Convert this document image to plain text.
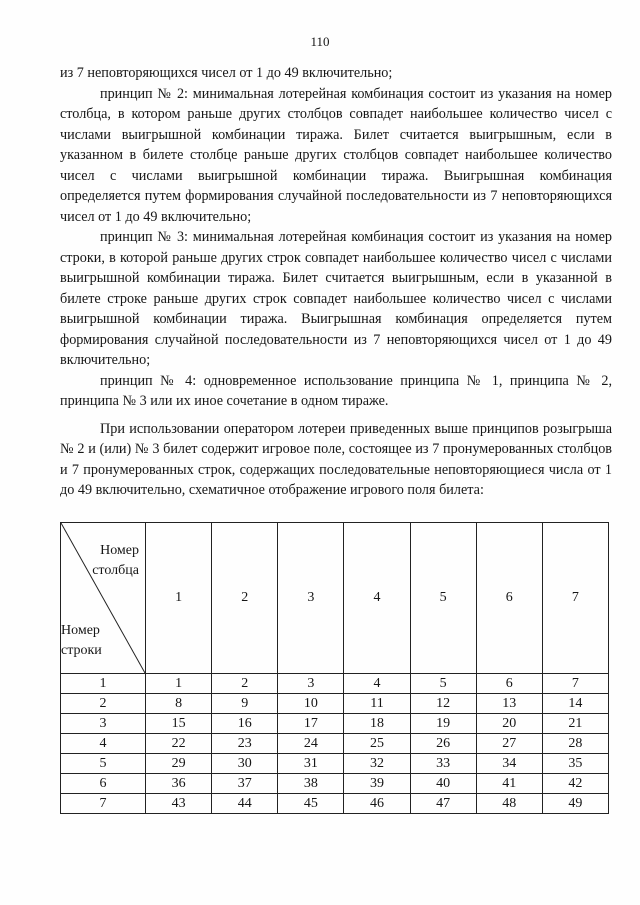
110

из 7 неповторяющихся чисел от 1 до 49 включительно;

принцип № 2: минимальная лотерейная комбинация состоит из указания на номер столбца, в котором раньше других столбцов совпадет наибольшее количество чисел с числами выигрышной комбинации тиража. Билет считается выигрышным, если в указанном в билете столбце раньше других столбцов совпадет наибольшее количество чисел с числами выигрышной комбинации тиража. Выигрышная комбинация определяется путем формирования случайной последовательности из 7 неповторяющихся чисел от 1 до 49 включительно;

принцип № 3: минимальная лотерейная комбинация состоит из указания на номер строки, в которой раньше других строк совпадет наибольшее количество чисел с числами выигрышной комбинации тиража. Билет считается выигрышным, если в указанной в билете строке раньше других строк совпадет наибольшее количество чисел с числами выигрышной комбинации тиража. Выигрышная комбинация определяется путем формирования случайной последовательности из 7 неповторяющихся чисел от 1 до 49 включительно;

принцип № 4: одновременное использование принципа № 1, принципа № 2, принципа № 3 или их иное сочетание в одном тираже.

При использовании оператором лотереи приведенных выше принципов розыгрыша № 2 и (или) № 3 билет содержит игровое поле, состоящее из 7 пронумерованных столбцов и 7 пронумерованных строк, содержащих последовательные неповторяющиеся числа от 1 до 49 включительно, схематичное отображение игрового поля билета:

Номер
столбца
Номер
строки	1	2	3	4	5	6	7
1	1	2	3	4	5	6	7
2	8	9	10	11	12	13	14
3	15	16	17	18	19	20	21
4	22	23	24	25	26	27	28
5	29	30	31	32	33	34	35
6	36	37	38	39	40	41	42
7	43	44	45	46	47	48	49
